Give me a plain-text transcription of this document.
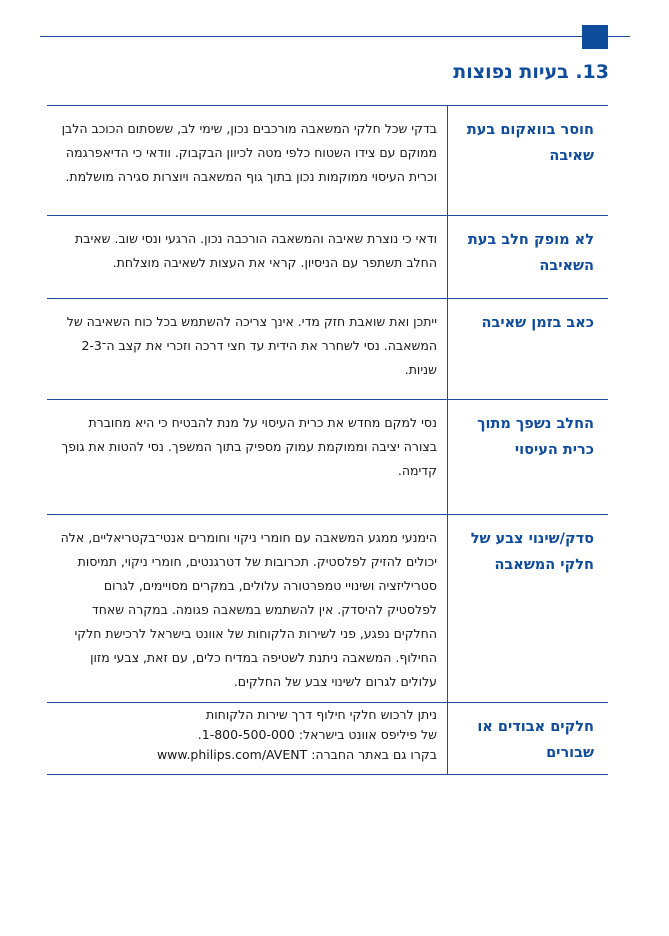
13. בעיות נפוצות
חוסר בוואקום בעת שאיבה	בדקי שכל חלקי המשאבה מורכבים נכון, שימי לב, ששסתום הכוכב הלבן ממוקם עם צידו השטוח כלפי מטה לכיוון הבקבוק. וודאי כי הדיאפרגמה וכרית העיסוי ממוקמות נכון בתוך גוף המשאבה ויוצרות סגירה מושלמת.

לא מופק חלב בעת השאיבה	ודאי כי נוצרת שאיבה והמשאבה הורכבה נכון. הרגעי ונסי שוב. שאיבת החלב תשתפר עם הניסיון. קראי את העצות לשאיבה מוצלחת.

כאב בזמן שאיבה	ייתכן ואת שואבת חזק מדי. אינך צריכה להשתמש בכל כוח השאיבה של המשאבה. נסי לשחרר את הידית עד חצי דרכה וזכרי את קצב ה־2-3 שניות.

החלב נשפך מתוך כרית העיסוי	נסי למקם מחדש את כרית העיסוי על מנת להבטיח כי היא מחוברת בצורה יציבה וממוקמת עמוק מספיק בתוך המשפך. נסי להטות את גופך קדימה.

סדק/שינוי צבע של חלקי המשאבה	הימנעי ממגע המשאבה עם חומרי ניקוי וחומרים אנטי־בקטריאליים, אלה יכולים להזיק לפלסטיק. תכרובות של דטרגנטים, חומרי ניקוי, תמיסות סטריליזציה ושינויי טמפרטורה עלולים, במקרים מסויימים, לגרום לפלסטיק להיסדק. אין להשתמש במשאבה פגומה. במקרה שאחד החלקים נפגע, פני לשירות הלקוחות של אוונט בישראל לרכישת חלקי החילוף. המשאבה ניתנת לשטיפה במדיח כלים, עם זאת, צבעי מזון עלולים לגרום לשינוי צבע של החלקים.

חלקים אבודים או שבורים	ניתן לרכוש חלקי חילוף דרך שירות הלקוחות
של פיליפס אוונט בישראל: 1-800-500-000.
בקרו גם באתר החברה: www.philips.com/AVENT
